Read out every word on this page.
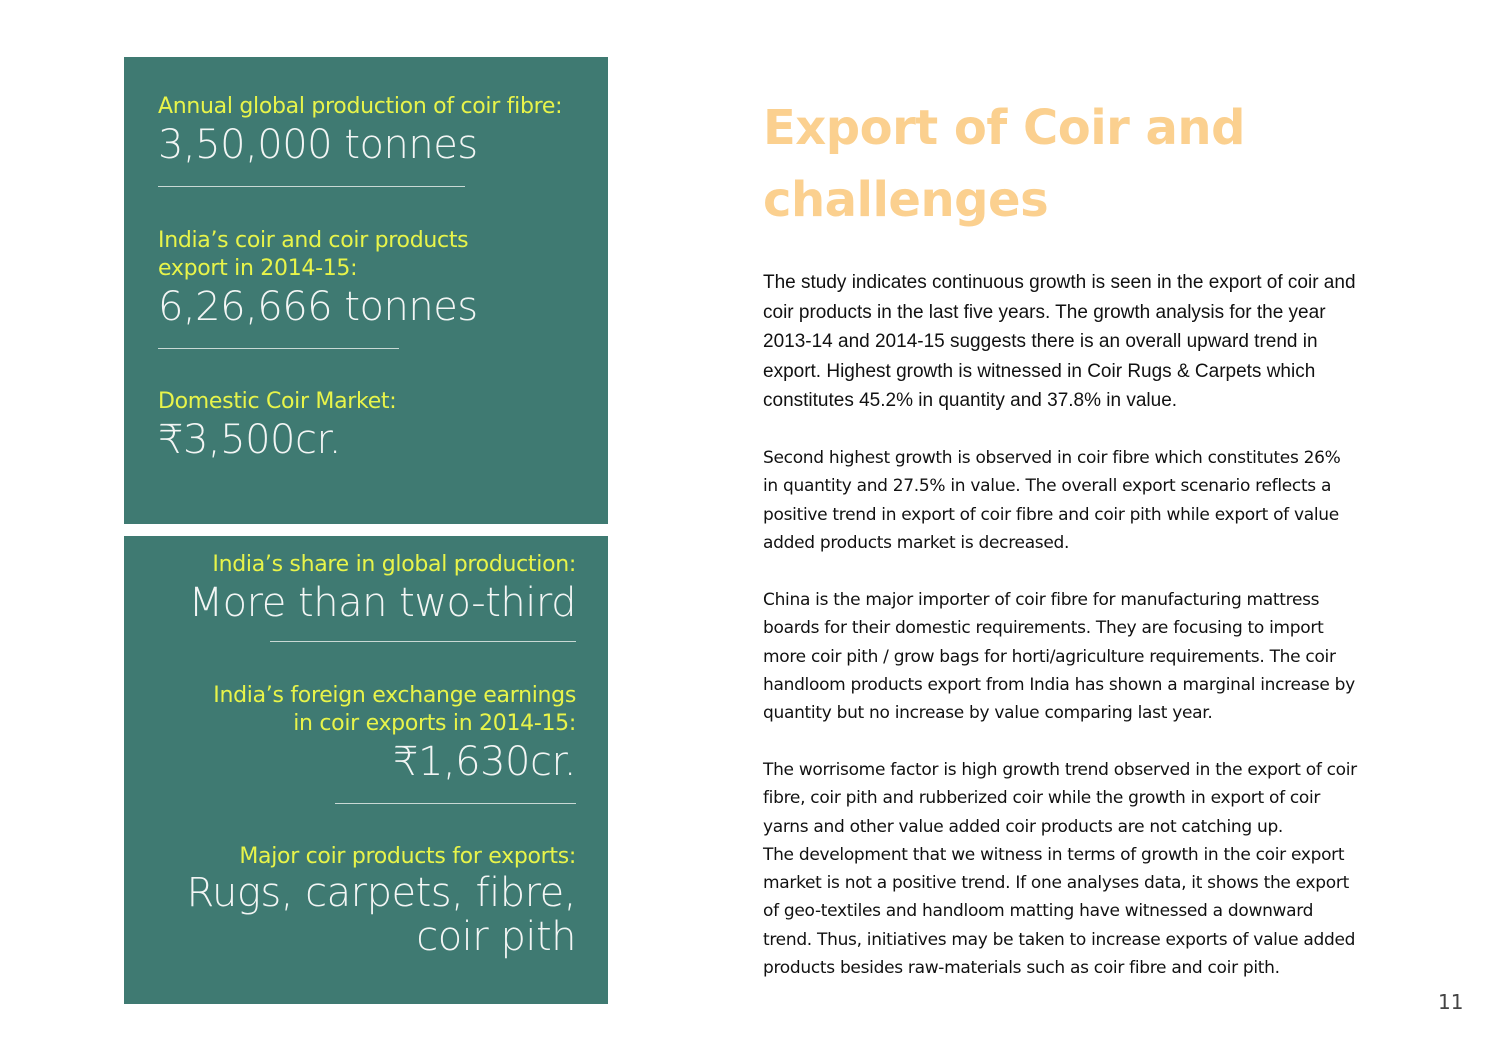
Annual global production of coir fibre:
3,50,000 tonnes
India’s coir and coir products
export in 2014-15:
6,26,666 tonnes
Domestic Coir Market:
₹3,500cr.
India’s share in global production:
More than two-third
India’s foreign exchange earnings
in coir exports in 2014-15:
₹1,630cr.
Major coir products for exports:
Rugs, carpets, fibre,
coir pith
Export of Coir and
challenges
The study indicates continuous growth is seen in the export of coir and
coir products in the last five years. The growth analysis for the year
2013-14 and 2014-15 suggests there is an overall upward trend in
export. Highest growth is witnessed in Coir Rugs & Carpets which
constitutes 45.2% in quantity and 37.8% in value.
Second highest growth is observed in coir fibre which constitutes 26%
in quantity and 27.5% in value. The overall export scenario reflects a
positive trend in export of coir fibre and coir pith while export of value
added products market is decreased.
China is the major importer of coir fibre for manufacturing mattress
boards for their domestic requirements. They are focusing to import
more coir pith / grow bags for horti/agriculture requirements. The coir
handloom products export from India has shown a marginal increase by
quantity but no increase by value comparing last year.
The worrisome factor is high growth trend observed in the export of coir
fibre, coir pith and rubberized coir while the growth in export of coir
yarns and other value added coir products are not catching up.
The development that we witness in terms of growth in the coir export
market is not a positive trend. If one analyses data, it shows the export
of geo-textiles and handloom matting have witnessed a downward
trend. Thus, initiatives may be taken to increase exports of value added
products besides raw-materials such as coir fibre and coir pith.
11
